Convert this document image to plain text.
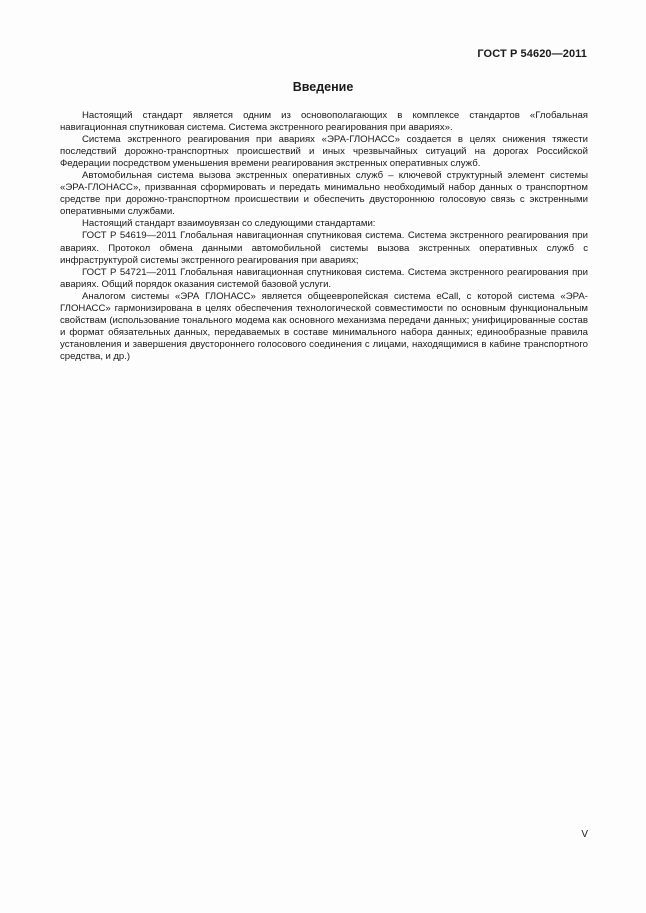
ГОСТ Р 54620—2011
Введение

Настоящий стандарт является одним из основополагающих в комплексе стандартов «Глобальная навигационная спутниковая система. Система экстренного реагирования при авариях».

Система экстренного реагирования при авариях «ЭРА-ГЛОНАСС» создается в целях снижения тяжести последствий дорожно-транспортных происшествий и иных чрезвычайных ситуаций на дорогах Российской Федерации посредством уменьшения времени реагирования экстренных оперативных служб.

Автомобильная система вызова экстренных оперативных служб – ключевой структурный элемент системы «ЭРА-ГЛОНАСС», призванная сформировать и передать минимально необходимый набор данных о транспортном средстве при дорожно-транспортном происшествии и обеспечить двустороннюю голосовую связь с экстренными оперативными службами.

Настоящий стандарт взаимоувязан со следующими стандартами:

ГОСТ Р 54619—2011 Глобальная навигационная спутниковая система. Система экстренного реагирования при авариях. Протокол обмена данными автомобильной системы вызова экстренных оперативных служб с инфраструктурой системы экстренного реагирования при авариях;

ГОСТ Р 54721—2011 Глобальная навигационная спутниковая система. Система экстренного реагирования при авариях. Общий порядок оказания системой базовой услуги.

Аналогом системы «ЭРА ГЛОНАСС» является общеевропейская система eCall, с которой система «ЭРА-ГЛОНАСС» гармонизирована в целях обеспечения технологической совместимости по основным функциональным свойствам (использование тонального модема как основного механизма передачи данных; унифицированные состав и формат обязательных данных, передаваемых в составе минимального набора данных; единообразные правила установления и завершения двустороннего голосового соединения с лицами, находящимися в кабине транспортного средства, и др.)

V
